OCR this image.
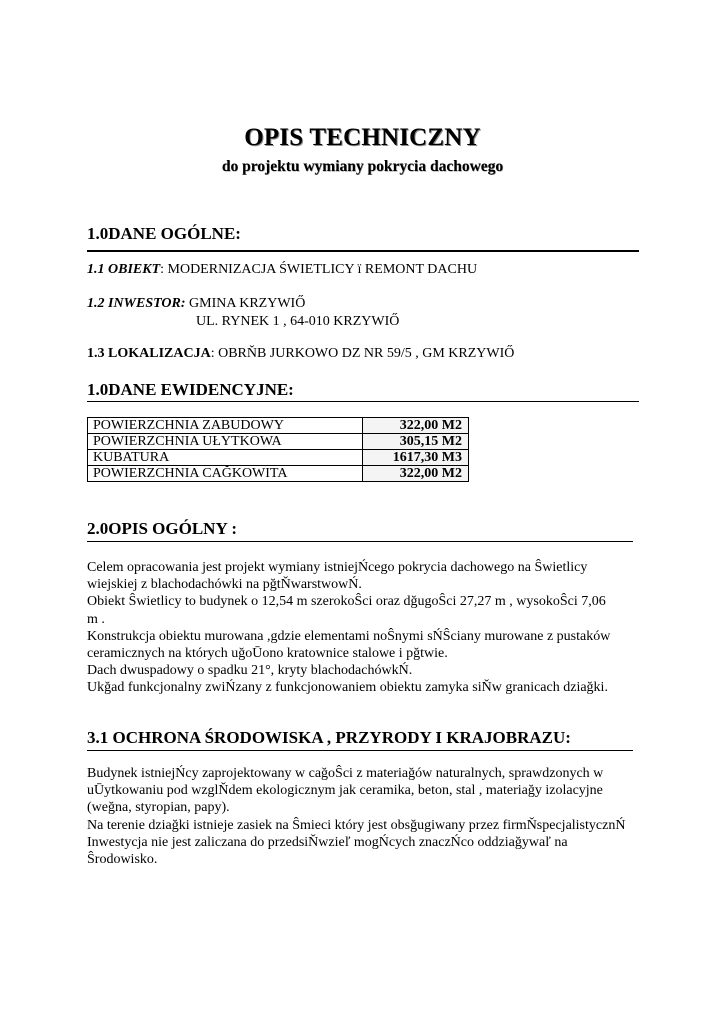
OPIS TECHNICZNY
do projektu wymiany pokrycia dachowego
1.0DANE OGÓLNE:
1.1 OBIEKT: MODERNIZACJA ŚWIETLICY ï REMONT DACHU
1.2 INWESTOR: GMINA KRZYWIŐ
UL. RYNEK 1 , 64-010 KRZYWIŐ
1.3 LOKALIZACJA: OBRŇB JURKOWO DZ NR 59/5 , GM KRZYWIŐ
1.0DANE EWIDENCYJNE:
POWIERZCHNIA ZABUDOWY	322,00 M2
POWIERZCHNIA UŁYTKOWA	305,15 M2
KUBATURA	1617,30 M3
POWIERZCHNIA CAĞKOWITA	322,00 M2
2.0OPIS OGÓLNY :

Celem opracowania jest projekt wymiany istniejŃcego pokrycia dachowego na Ŝwietlicy

wiejskiej z blachodachówki na pğtŇwarstwowŃ.

Obiekt Ŝwietlicy to budynek o 12,54 m szerokoŜci oraz dğugoŜci 27,27 m , wysokoŜci 7,06

m .

Konstrukcja obiektu murowana ,gdzie elementami noŜnymi sŃŜciany murowane z pustaków

ceramicznych na których uğoŪono kratownice stalowe i pğtwie.

Dach dwuspadowy o spadku 21°, kryty blachodachówkŃ.

Ukğad funkcjonalny zwiŃzany z funkcjonowaniem obiektu zamyka siŇw granicach dziağki.

3.1 OCHRONA ŚRODOWISKA , PRZYRODY I KRAJOBRAZU:

Budynek istniejŃcy zaprojektowany w cağoŜci z materiağów naturalnych, sprawdzonych w

uŪytkowaniu pod wzglŇdem ekologicznym jak ceramika, beton, stal , materiağy izolacyjne

(weğna, styropian, papy).

Na terenie dziağki istnieje zasiek na Ŝmieci który jest obsğugiwany przez firmŇspecjalistycznŃ

Inwestycja nie jest zaliczana do przedsiŇwzieľ mogŃcych znaczŃco oddziağywaľ na

Ŝrodowisko.
